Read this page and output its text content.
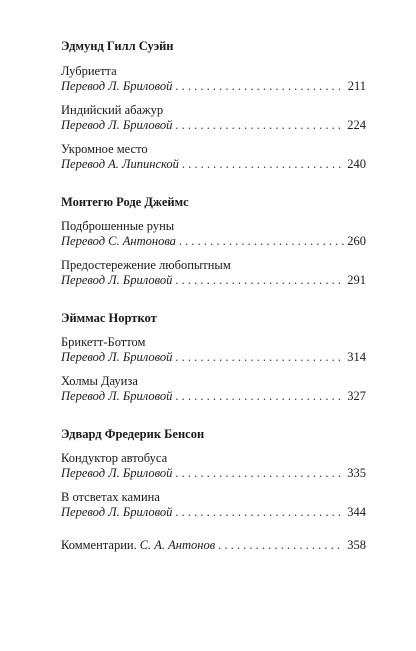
Эдмунд Гилл Суэйн
Лубриетта
Перевод Л. Бриловой . . .	211
Индийский абажур
Перевод Л. Бриловой . . .	224
Укромное место
Перевод А. Липинской . . .	240
Монтегю Роде Джеймс
Подброшенные руны
Перевод С. Антонова . . .	260
Предостережение любопытным
Перевод Л. Бриловой . . .	291
Эйммас Норткот
Брикетт-Боттом
Перевод Л. Бриловой . . .	314
Холмы Дауиза
Перевод Л. Бриловой . . .	327
Эдвард Фредерик Бенсон
Кондуктор автобуса
Перевод Л. Бриловой . . .	335
В отсветах камина
Перевод Л. Бриловой . . .	344
Комментарии. С. А. Антонов . . .	358
